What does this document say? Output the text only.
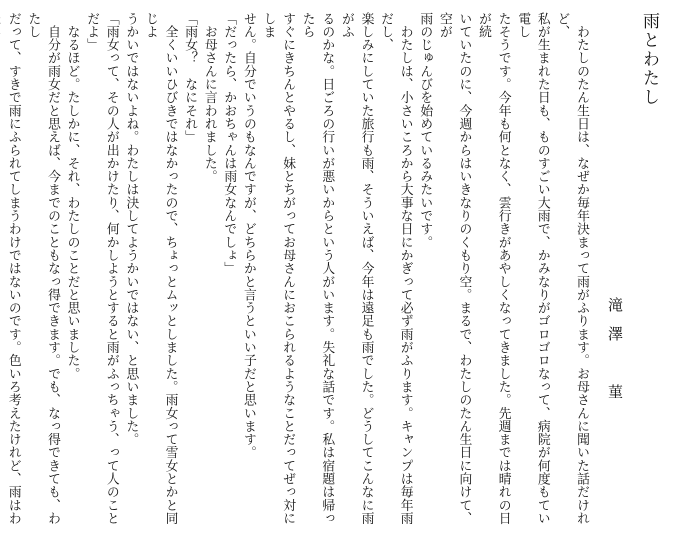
雨とわたし
滝澤　菫

　わたしのたん生日は、なぜか毎年決まって雨がふります。お母さんに聞いた話だけれど、
私が生まれた日も、ものすごい大雨で、かみなりがゴロゴロなって、病院が何度もてい電し
たそうです。今年も何となく、雲行きがあやしくなってきました。先週までは晴れの日が続
いていたのに、今週からはいきなりのくもり空。まるで、わたしのたん生日に向けて、空が
雨のじゅんびを始めているみたいです。

　わたしは、小さいころから大事な日にかぎって必ず雨がふります。キャンプは毎年雨だし、
楽しみにしていた旅行も雨、そういえば、今年は遠足も雨でした。どうしてこんなに雨がふ
るのかな。日ごろの行いが悪いからという人がいます。失礼な話です。私は宿題は帰ったら
すぐにきちんとやるし、妹とちがってお母さんにおこられるようなことだってぜっ対にしま
せん。自分でいうのもなんですが、どちらかと言うといい子だと思います。

「だったら、かおちゃんは雨女なんでしょ」
　お母さんに言われました。

「雨女？　なにそれ」
　全くいいひびきではなかったので、ちょっとムッとしました。雨女って雪女とかと同じよ
うかいではないよね。わたしは決してようかいではない、と思いました。

「雨女って、その人が出かけたり、何かしようとすると雨がふっちゃう、って人のことだよ」
　なるほど。たしかに、それ、わたしのことだと思いました。

　自分が雨女だと思えば、今までのこともなっ得できます。でも、なっ得できても、わたし
だって、すきで雨にふられてしまうわけではないのです。色いろ考えたけれど、雨はわ
